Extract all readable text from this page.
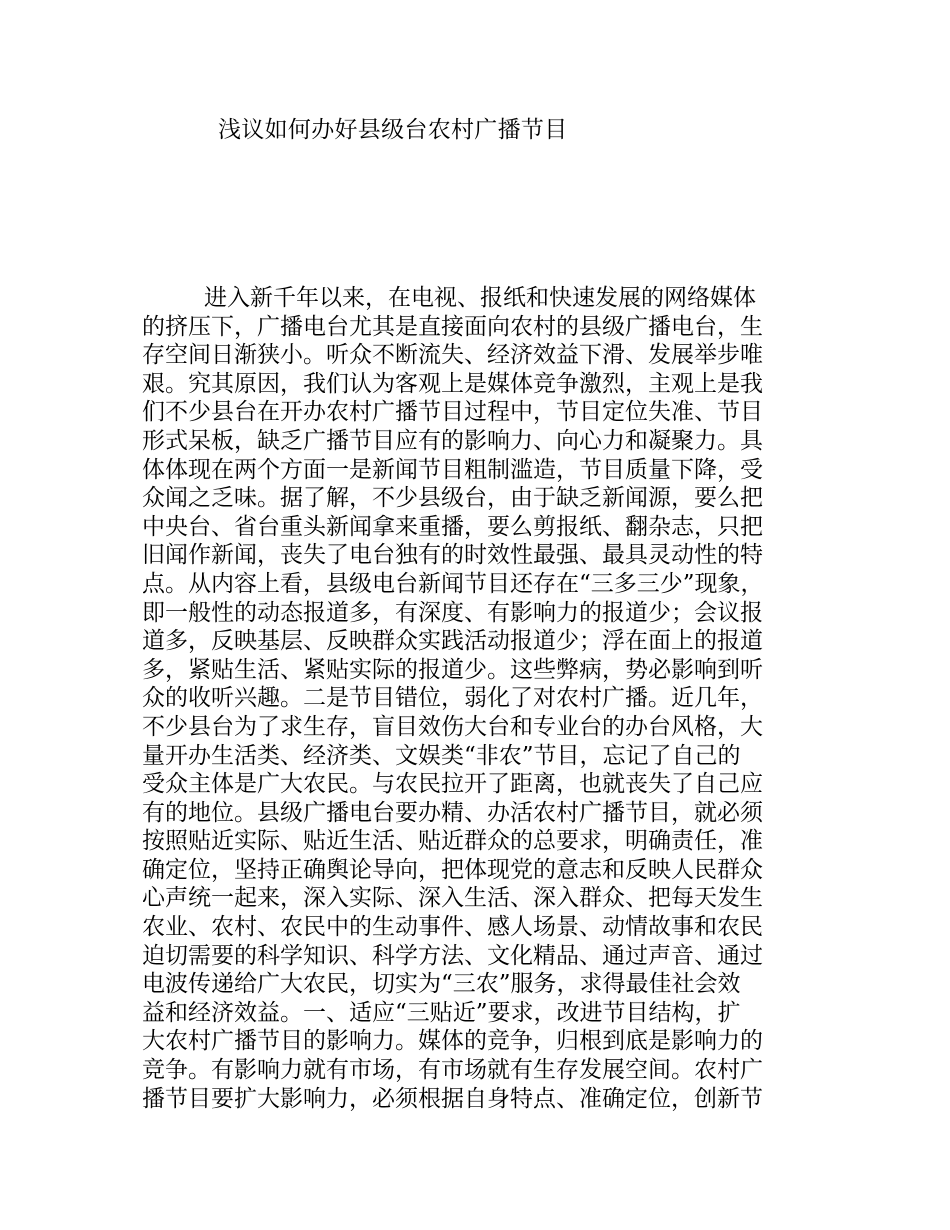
浅议如何办好县级台农村广播节目
进入新千年以来，在电视、报纸和快速发展的网络媒体
的挤压下，广播电台尤其是直接面向农村的县级广播电台，生
存空间日渐狭小。听众不断流失、经济效益下滑、发展举步唯
艰。究其原因，我们认为客观上是媒体竞争激烈，主观上是我
们不少县台在开办农村广播节目过程中，节目定位失准、节目
形式呆板，缺乏广播节目应有的影响力、向心力和凝聚力。具
体体现在两个方面一是新闻节目粗制滥造，节目质量下降，受
众闻之乏味。据了解，不少县级台，由于缺乏新闻源，要么把
中央台、省台重头新闻拿来重播，要么剪报纸、翻杂志，只把
旧闻作新闻，丧失了电台独有的时效性最强、最具灵动性的特
点。从内容上看，县级电台新闻节目还存在“三多三少”现象，
即一般性的动态报道多，有深度、有影响力的报道少；会议报
道多，反映基层、反映群众实践活动报道少；浮在面上的报道
多，紧贴生活、紧贴实际的报道少。这些弊病，势必影响到听
众的收听兴趣。二是节目错位，弱化了对农村广播。近几年，
不少县台为了求生存，盲目效伤大台和专业台的办台风格，大
量开办生活类、经济类、文娱类“非农”节目，忘记了自己的
受众主体是广大农民。与农民拉开了距离，也就丧失了自己应
有的地位。县级广播电台要办精、办活农村广播节目，就必须
按照贴近实际、贴近生活、贴近群众的总要求，明确责任，准
确定位，坚持正确舆论导向，把体现党的意志和反映人民群众
心声统一起来，深入实际、深入生活、深入群众、把每天发生
农业、农村、农民中的生动事件、感人场景、动情故事和农民
迫切需要的科学知识、科学方法、文化精品、通过声音、通过
电波传递给广大农民，切实为“三农”服务，求得最佳社会效
益和经济效益。一、适应“三贴近”要求，改进节目结构，扩
大农村广播节目的影响力。媒体的竞争，归根到底是影响力的
竞争。有影响力就有市场，有市场就有生存发展空间。农村广
播节目要扩大影响力，必须根据自身特点、准确定位，创新节
